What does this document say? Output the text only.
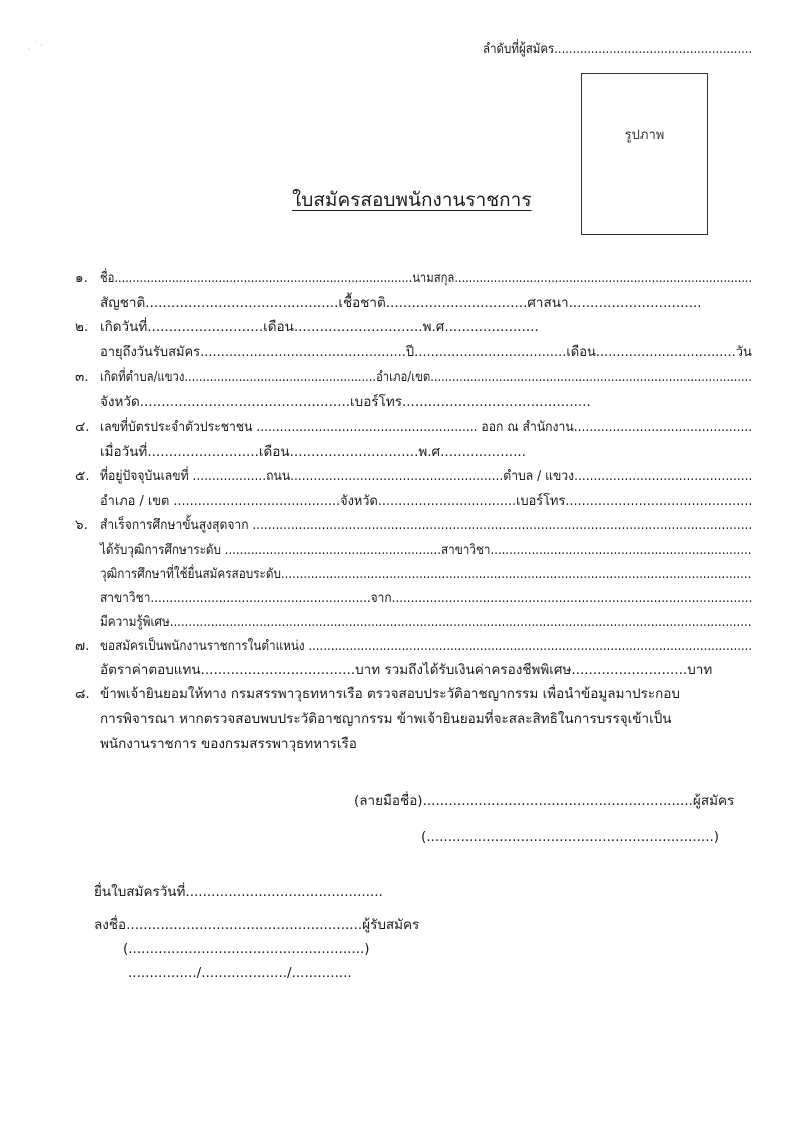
⸼ ˙ ⸱	ลำดับที่ผู้สมัคร......................................................
รูปภาพ
ใบสมัครสอบพนักงานราชการ
๑. ชื่อ...................................................................................นามสกุล...................................................................................
สัญชาติ.............................................เชื้อชาติ.................................ศาสนา...............................
๒. เกิดวันที่...........................เดือน..............................พ.ศ......................
อายุถึงวันรับสมัคร..................................................ปี.....................................เดือน..................................วัน
๓. เกิดที่ตำบล/แขวง.....................................................อำเภอ/เขต.........................................................................................
จังหวัด.................................................เบอร์โทร............................................
๔. เลขที่บัตรประจำตัวประชาชน ......................................................... ออก ณ สำนักงาน..............................................
เมื่อวันที่..........................เดือน..............................พ.ศ....................
๕. ที่อยู่ปัจจุบันเลขที่ ...................ถนน.......................................................ตำบล / แขวง..............................................
อำเภอ / เขต .........................................จังหวัด..................................เบอร์โทร..............................................
๖. สำเร็จการศึกษาขั้นสูงสุดจาก ..................................................................................................................................
ได้รับวุฒิการศึกษาระดับ ..........................................................สาขาวิชา......................................................................
วุฒิการศึกษาที่ใช้ยื่นสมัครสอบระดับ..............................................................................................................................
สาขาวิชา..........................................................จาก...............................................................................................
มีความรู้พิเศษ............................................................................................................................................................
๗. ขอสมัครเป็นพนักงานราชการในตำแหน่ง .......................................................................................................................
อัตราค่าตอบแทน....................................บาท รวมถึงได้รับเงินค่าครองชีพพิเศษ...........................บาท
๘. ข้าพเจ้ายินยอมให้ทาง กรมสรรพาวุธทหารเรือ ตรวจสอบประวัติอาชญากรรม เพื่อนำข้อมูลมาประกอบ
การพิจารณา หากตรวจสอบพบประวัติอาชญากรรม ข้าพเจ้ายินยอมที่จะสละสิทธิในการบรรจุเข้าเป็น
พนักงานราชการ ของกรมสรรพาวุธทหารเรือ
(ลายมือชื่อ)...............................................................ผู้สมัคร
(...................................................................)
ยื่นใบสมัครวันที่..............................................
ลงชื่อ.......................................................ผู้รับสมัคร
(.......................................................)
................/..................../..............
